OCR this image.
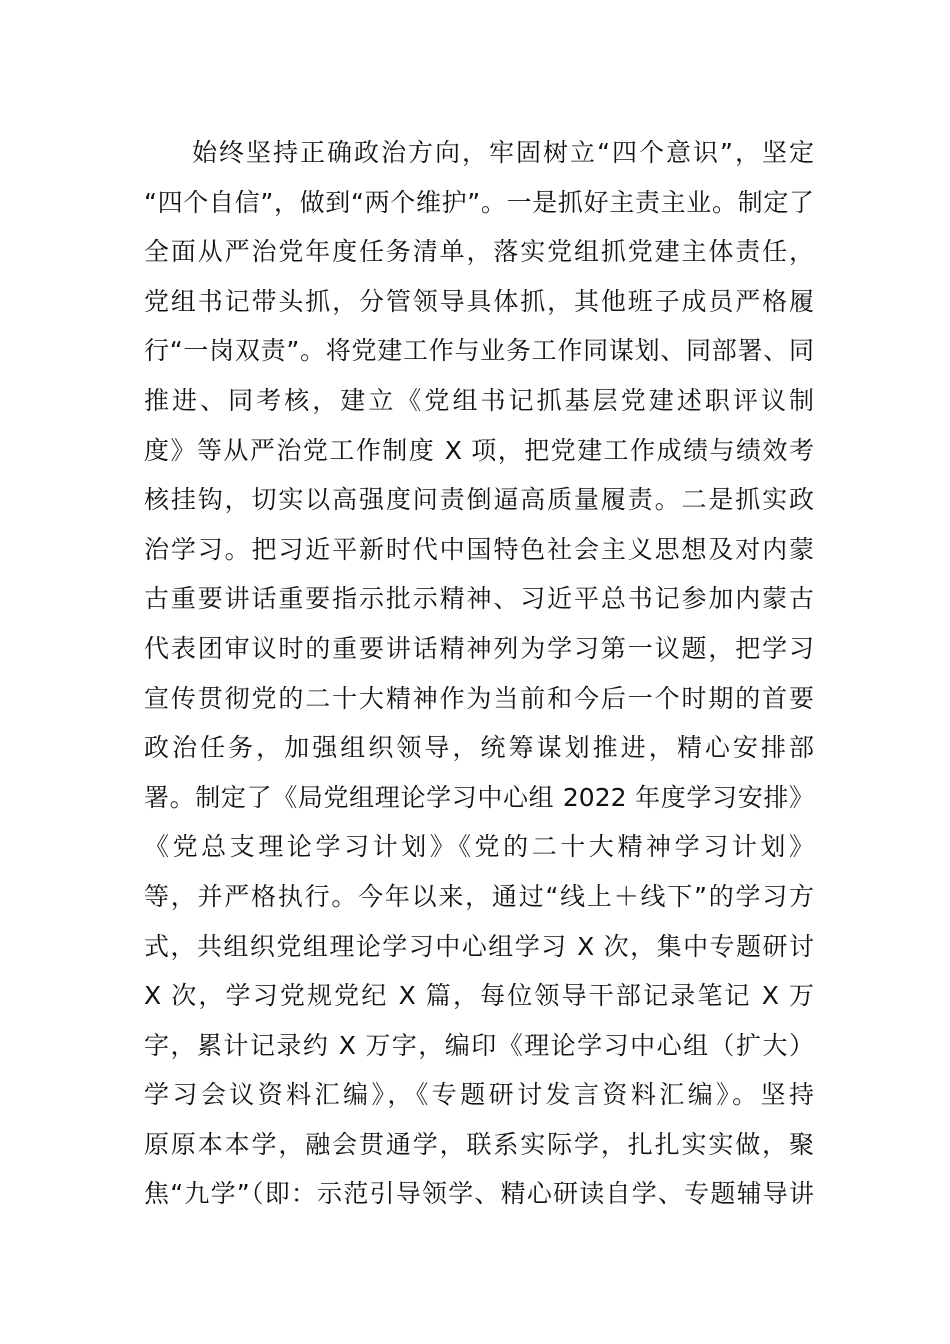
始终坚持正确政治方向，牢固树立“四个意识”，坚定
“四个自信”，做到“两个维护”。一是抓好主责主业。制定了
全面从严治党年度任务清单，落实党组抓党建主体责任，
党组书记带头抓，分管领导具体抓，其他班子成员严格履
行“一岗双责”。将党建工作与业务工作同谋划、同部署、同
推进、同考核，建立《党组书记抓基层党建述职评议制
度》等从严治党工作制度 X 项，把党建工作成绩与绩效考
核挂钩，切实以高强度问责倒逼高质量履责。二是抓实政
治学习。把习近平新时代中国特色社会主义思想及对内蒙
古重要讲话重要指示批示精神、习近平总书记参加内蒙古
代表团审议时的重要讲话精神列为学习第一议题，把学习
宣传贯彻党的二十大精神作为当前和今后一个时期的首要
政治任务，加强组织领导，统筹谋划推进，精心安排部
署。制定了《局党组理论学习中心组 2022 年度学习安排》
《党总支理论学习计划》《党的二十大精神学习计划》
等，并严格执行。今年以来，通过“线上＋线下”的学习方
式，共组织党组理论学习中心组学习 X 次，集中专题研讨
X 次，学习党规党纪 X 篇，每位领导干部记录笔记 X 万
字，累计记录约 X 万字，编印《理论学习中心组（扩大）
学习会议资料汇编》，《专题研讨发言资料汇编》。坚持
原原本本学，融会贯通学，联系实际学，扎扎实实做，聚
焦“九学”（即：示范引导领学、精心研读自学、专题辅导讲
